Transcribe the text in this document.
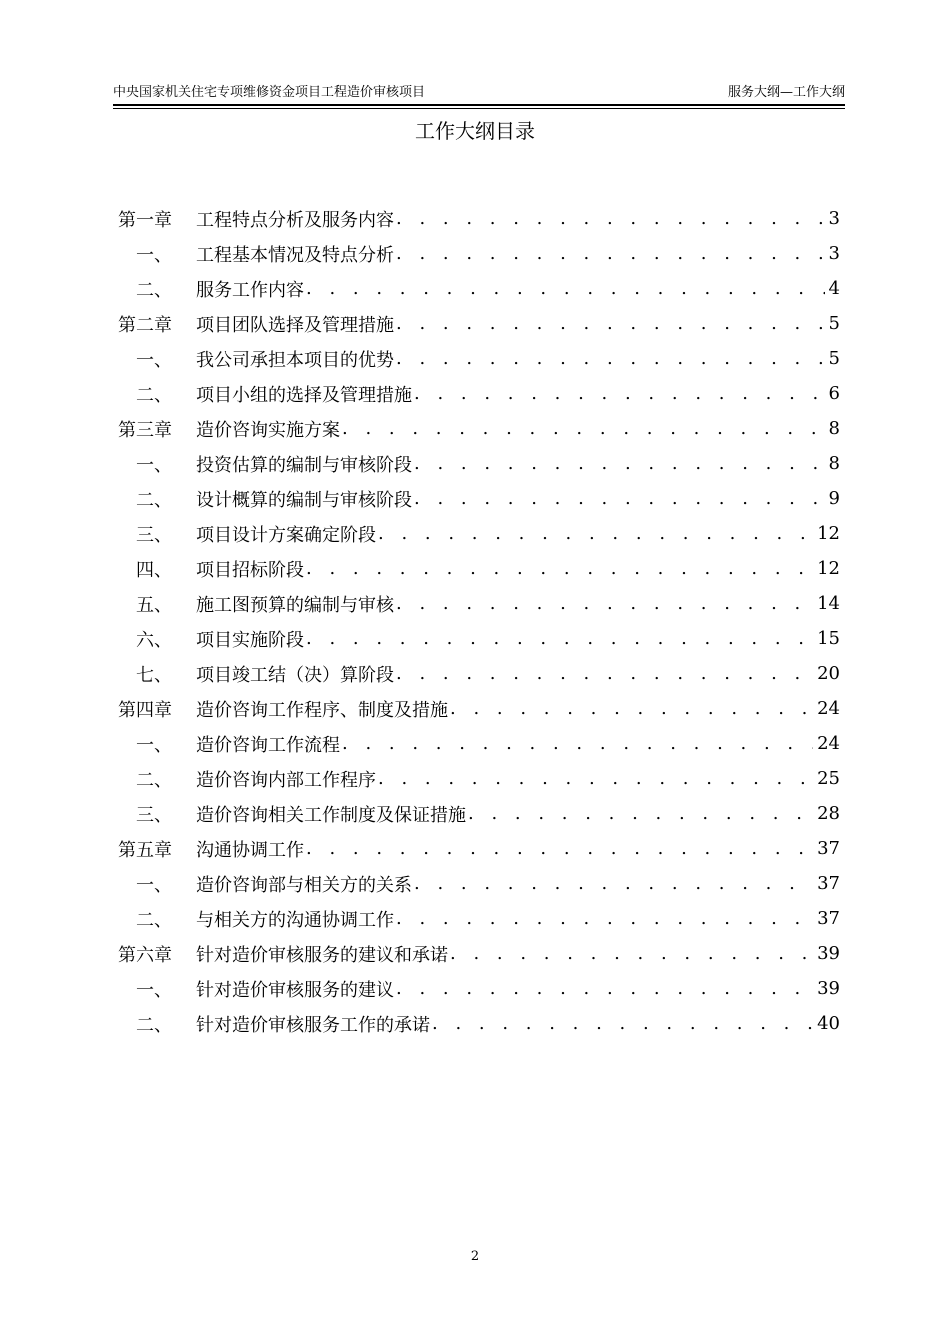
中央国家机关住宅专项维修资金项目工程造价审核项目	服务大纲—工作大纲
工作大纲目录
第一章	工程特点分析及服务内容 . . .	3
一、	工程基本情况及特点分析 . . .	3
二、	服务工作内容 . . .	4
第二章	项目团队选择及管理措施 . . .	5
一、	我公司承担本项目的优势 . . .	5
二、	项目小组的选择及管理措施 . . .	6
第三章	造价咨询实施方案 . . .	8
一、	投资估算的编制与审核阶段 . . .	8
二、	设计概算的编制与审核阶段 . . .	9
三、	项目设计方案确定阶段 . . .	12
四、	项目招标阶段 . . .	12
五、	施工图预算的编制与审核 . . .	14
六、	项目实施阶段 . . .	15
七、	项目竣工结（决）算阶段 . . .	20
第四章	造价咨询工作程序、制度及措施 . . .	24
一、	造价咨询工作流程 . . .	24
二、	造价咨询内部工作程序 . . .	25
三、	造价咨询相关工作制度及保证措施 . . .	28
第五章	沟通协调工作 . . .	37
一、	造价咨询部与相关方的关系 . . .	37
二、	与相关方的沟通协调工作 . . .	37
第六章	针对造价审核服务的建议和承诺 . . .	39
一、	针对造价审核服务的建议 . . .	39
二、	针对造价审核服务工作的承诺 . . .	40
2
